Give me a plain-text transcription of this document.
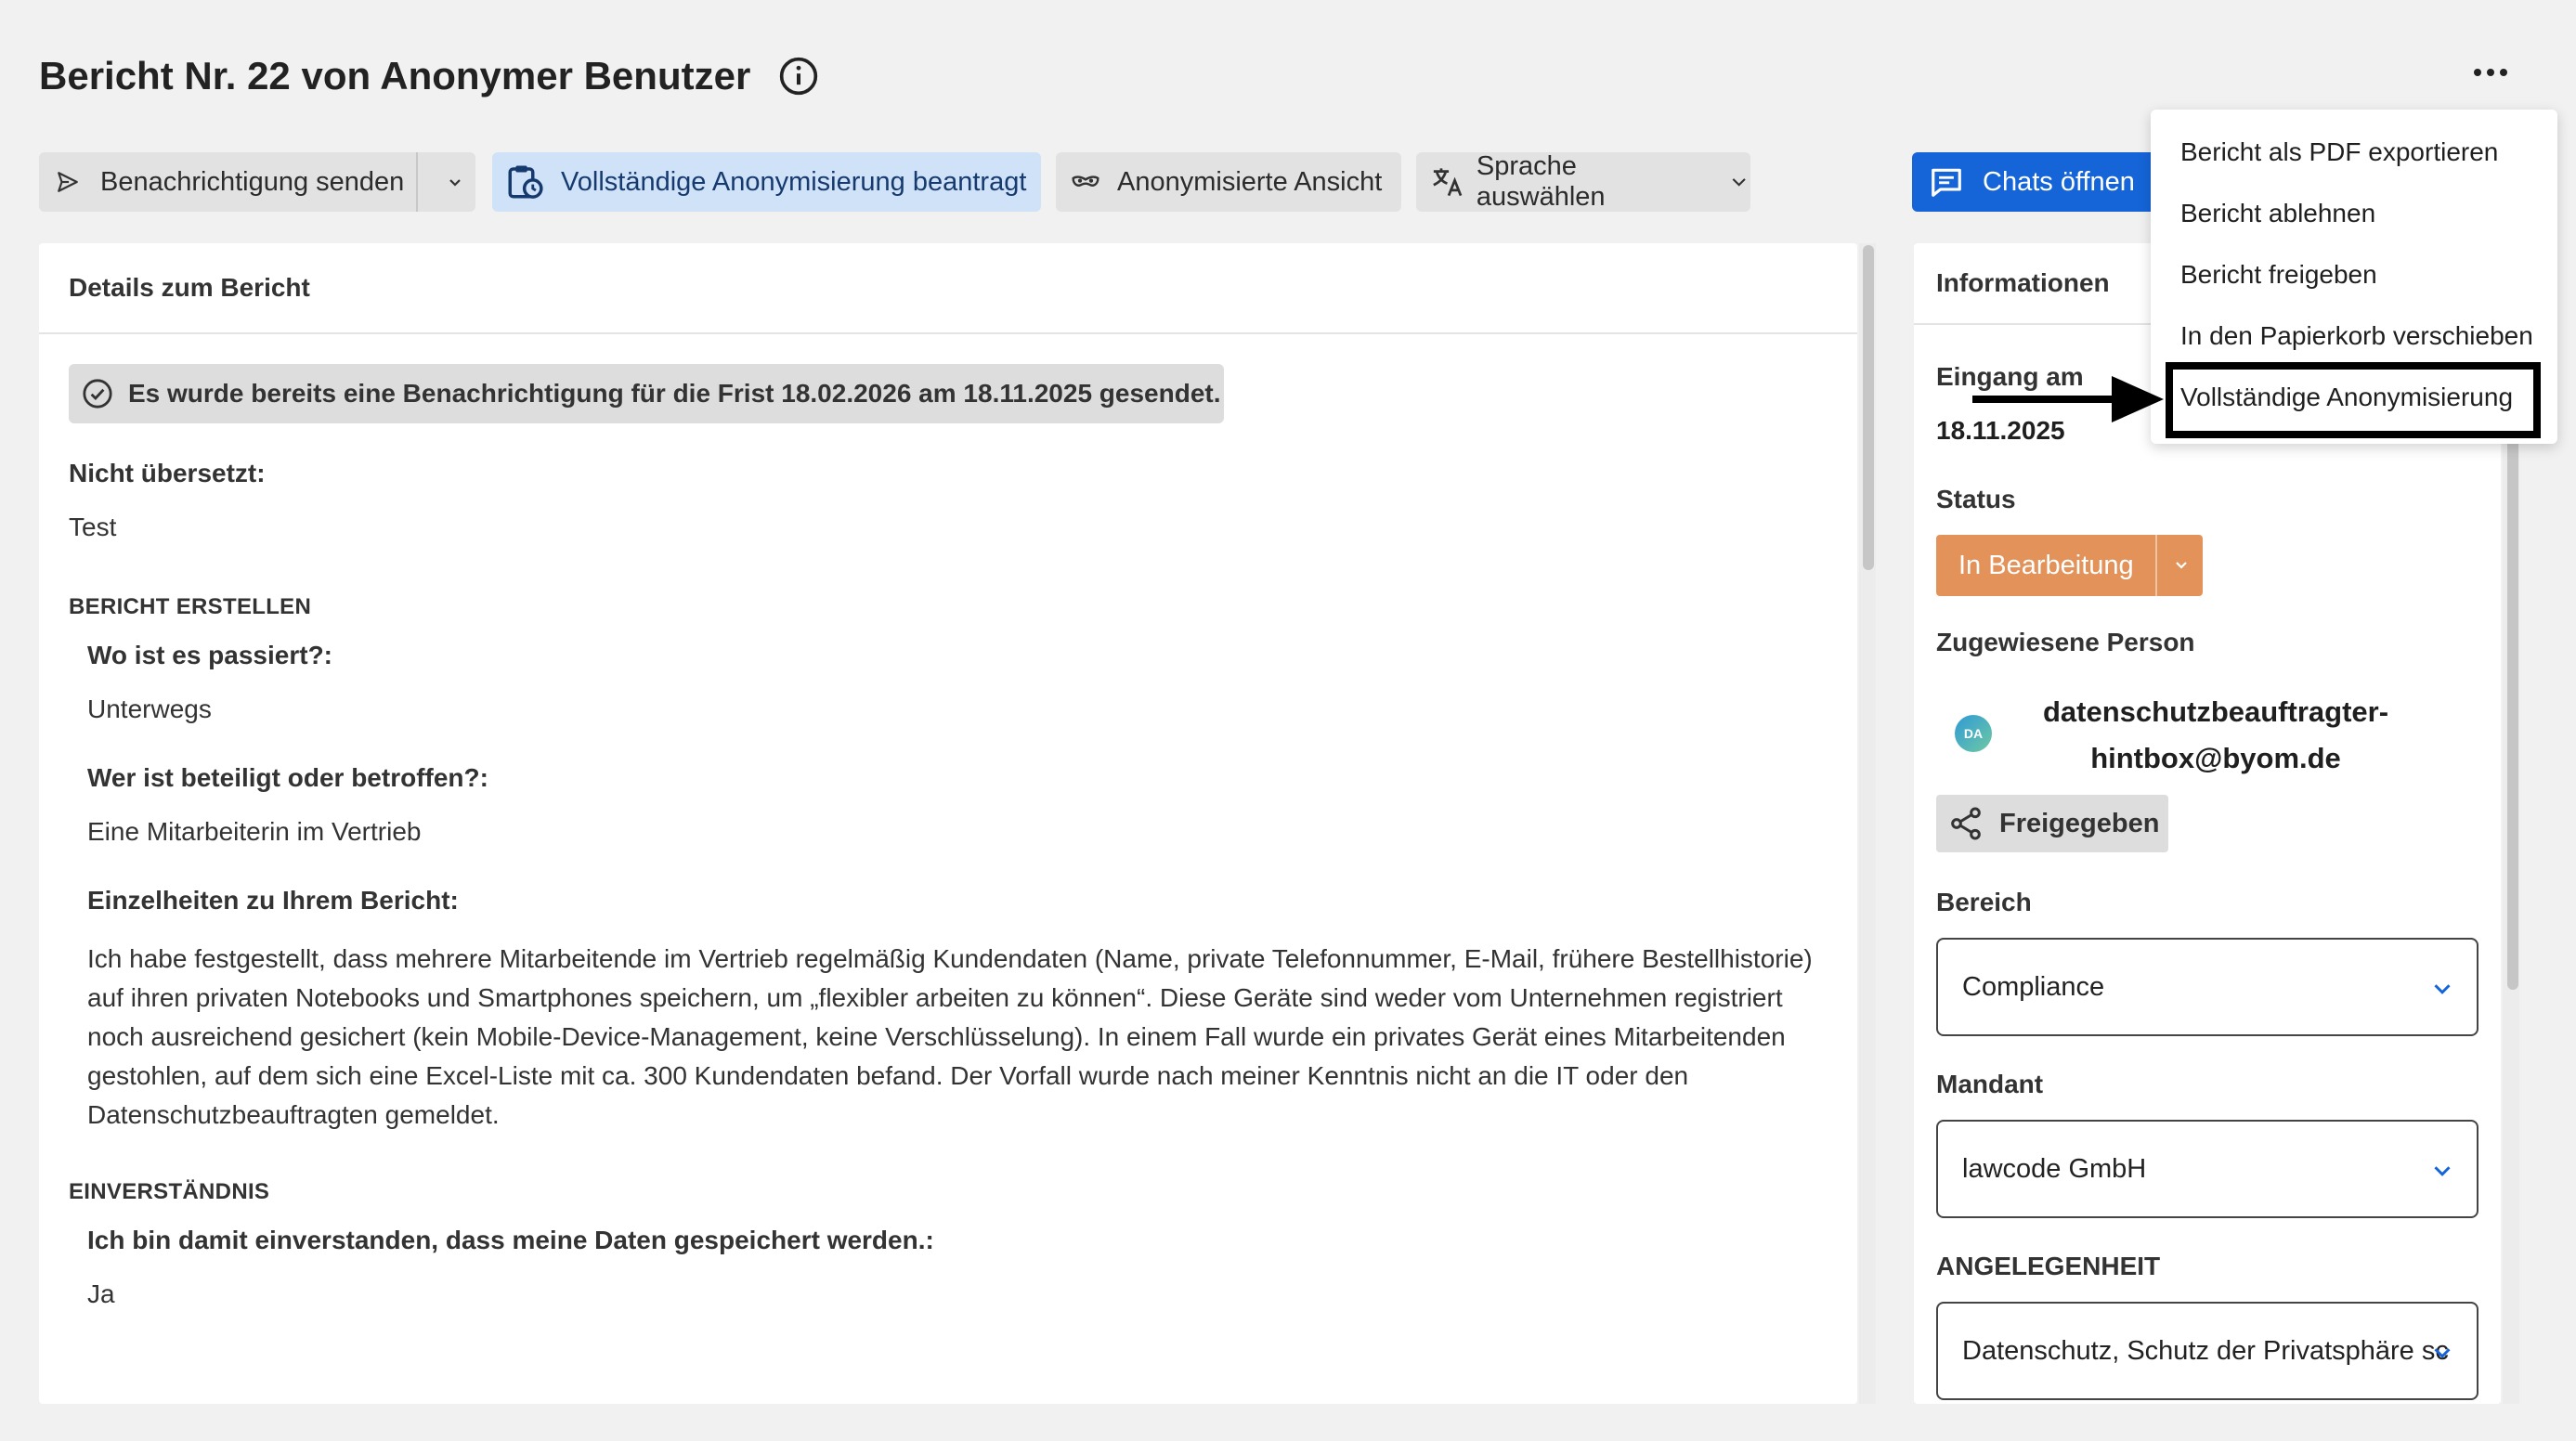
Bericht Nr. 22 von Anonymer Benutzer
Benachrichtigung senden	Vollständige Anonymisierung beantragt	Anonymisierte Ansicht
Sprache auswählen
Chats öffnen
Details zum Bericht
Es wurde bereits eine Benachrichtigung für die Frist 18.02.2026 am 18.11.2025 gesendet.
Nicht übersetzt:
Test
BERICHT ERSTELLEN
Wo ist es passiert?:
Unterwegs
Wer ist beteiligt oder betroffen?:
Eine Mitarbeiterin im Vertrieb
Einzelheiten zu Ihrem Bericht:
Ich habe festgestellt, dass mehrere Mitarbeitende im Vertrieb regelmäßig Kundendaten (Name, private Telefonnummer, E-Mail, frühere Bestellhistorie)
auf ihren privaten Notebooks und Smartphones speichern, um „flexibler arbeiten zu können“. Diese Geräte sind weder vom Unternehmen registriert
noch ausreichend gesichert (kein Mobile-Device-Management, keine Verschlüsselung). In einem Fall wurde ein privates Gerät eines Mitarbeitenden
gestohlen, auf dem sich eine Excel-Liste mit ca. 300 Kundendaten befand. Der Vorfall wurde nach meiner Kenntnis nicht an die IT oder den
Datenschutzbeauftragten gemeldet.
EINVERSTÄNDNIS
Ich bin damit einverstanden, dass meine Daten gespeichert werden.:
Ja
Informationen
Eingang am
18.11.2025
Status
In Bearbeitung
Zugewiesene Person
DA
datenschutzbeauftragter-
hintbox@byom.de
Freigegeben
Bereich
Compliance
Mandant
lawcode GmbH
ANGELEGENHEIT
Datenschutz, Schutz der Privatsphäre sc
Bericht als PDF exportieren
Bericht ablehnen
Bericht freigeben
In den Papierkorb verschieben
Vollständige Anonymisierung
